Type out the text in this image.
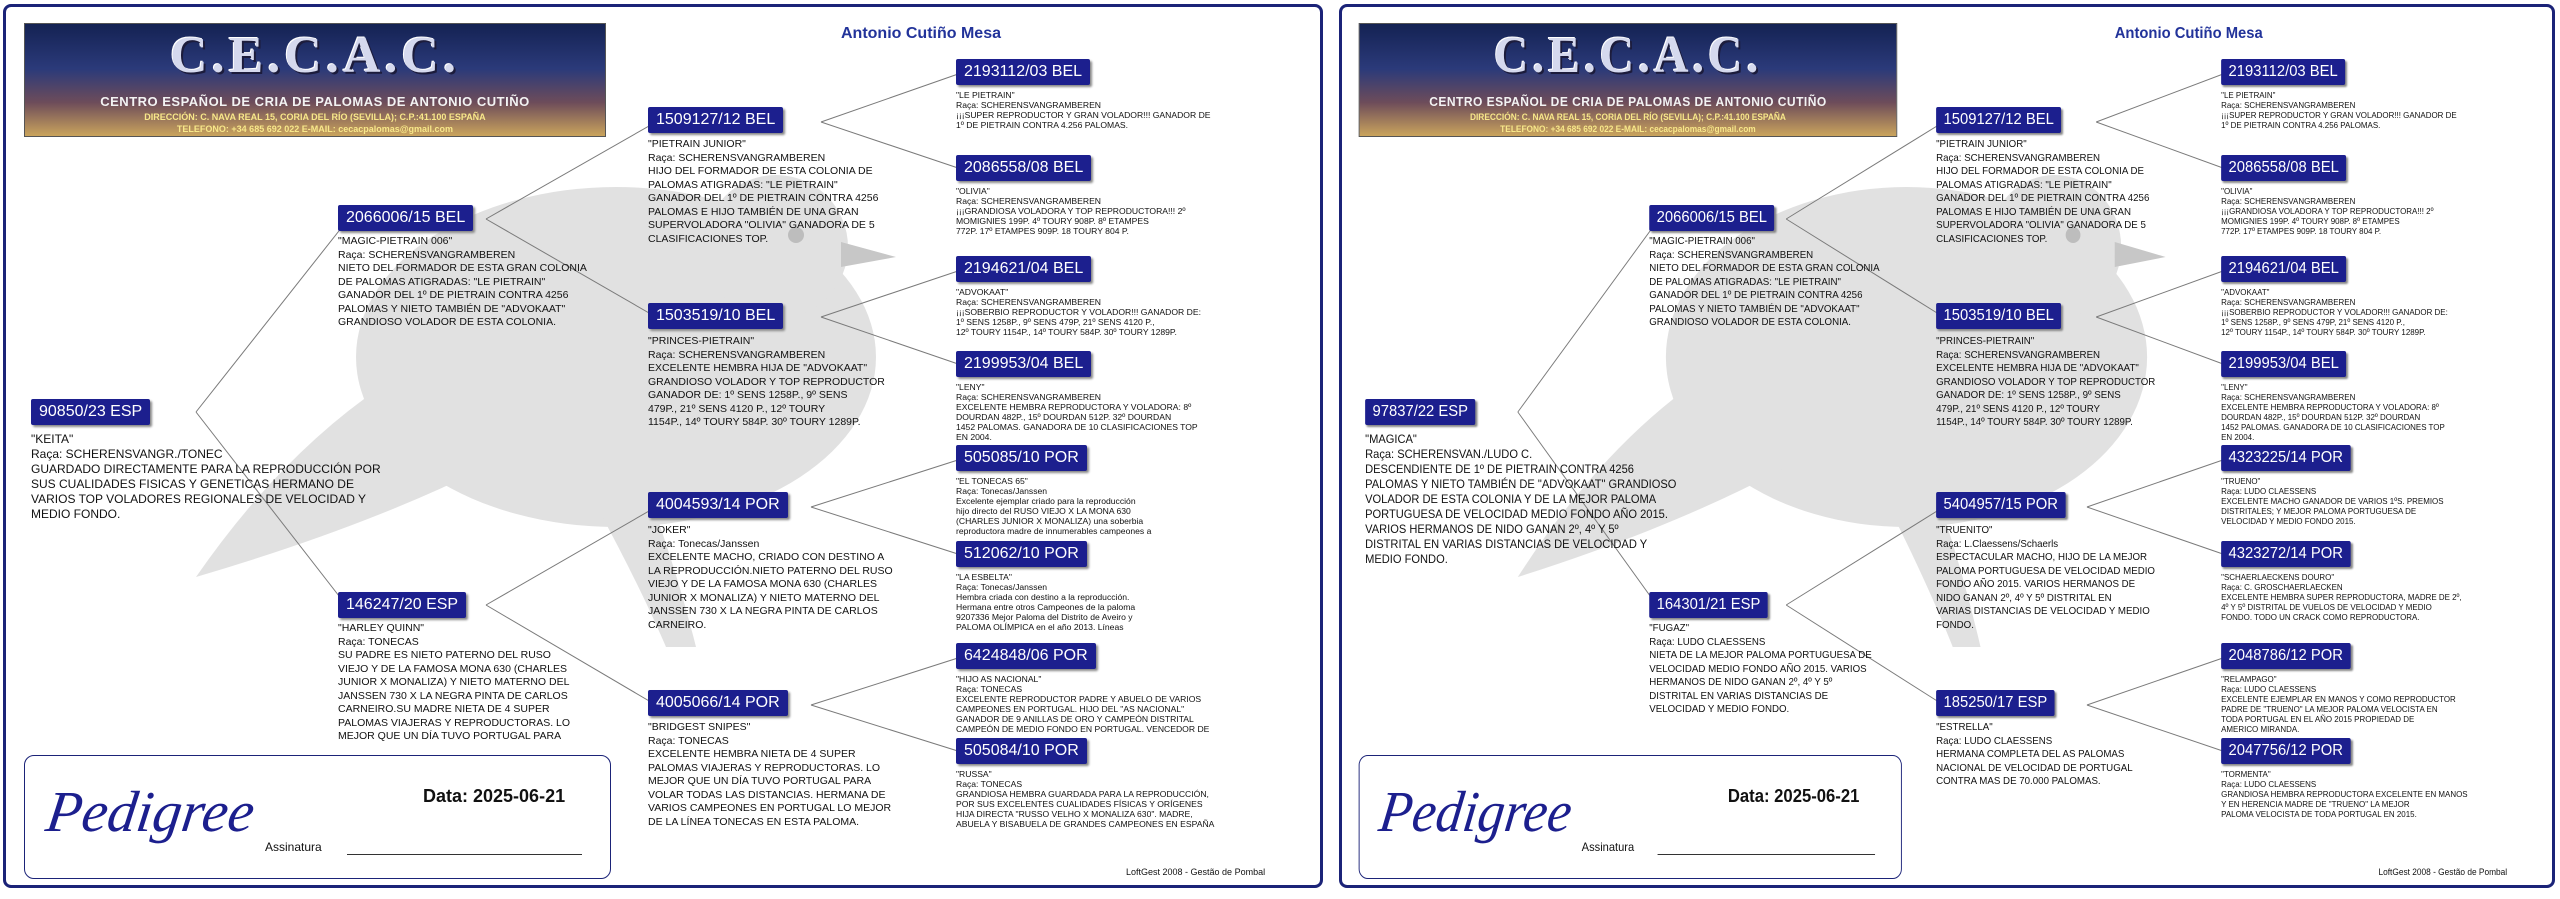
C.E.C.A.C.
CENTRO ESPAÑOL DE CRIA DE PALOMAS DE ANTONIO CUTIÑO
DIRECCIÓN: C. NAVA REAL 15, CORIA DEL RÍO (SEVILLA); C.P.:41.100 ESPAÑA
TELEFONO: +34 685 692 022 E-MAIL: cecacpalomas@gmail.com
Antonio Cutiño Mesa
90850/23 ESP
"KEITA"
Raça: SCHERENSVANGR./TONEC
GUARDADO DIRECTAMENTE PARA LA REPRODUCCIÓN POR
SUS CUALIDADES FISICAS Y GENETICAS HERMANO DE
VARIOS TOP VOLADORES REGIONALES DE VELOCIDAD Y
MEDIO FONDO.
2066006/15 BEL
"MAGIC-PIETRAIN 006"
Raça: SCHERENSVANGRAMBEREN
NIETO DEL FORMADOR DE ESTA GRAN COLONIA
DE PALOMAS ATIGRADAS: "LE PIETRAIN"
GANADOR DEL 1º DE PIETRAIN CONTRA 4256
PALOMAS Y NIETO TAMBIÉN DE "ADVOKAAT"
GRANDIOSO VOLADOR DE ESTA COLONIA.
146247/20 ESP
"HARLEY QUINN"
Raça: TONECAS
SU PADRE ES NIETO PATERNO DEL RUSO
VIEJO Y DE LA FAMOSA MONA 630 (CHARLES
JUNIOR X MONALIZA) Y NIETO MATERNO DEL
JANSSEN 730 X LA NEGRA PINTA DE CARLOS
CARNEIRO.SU MADRE NIETA DE 4 SUPER
PALOMAS VIAJERAS Y REPRODUCTORAS. LO
MEJOR QUE UN DÍA TUVO PORTUGAL PARA
1509127/12 BEL
"PIETRAIN JUNIOR"
Raça: SCHERENSVANGRAMBEREN
HIJO DEL FORMADOR DE ESTA COLONIA DE
PALOMAS ATIGRADAS: "LE PIETRAIN"
GANADOR DEL 1º DE PIETRAIN CONTRA 4256
PALOMAS E HIJO TAMBIÉN DE UNA GRAN
SUPERVOLADORA "OLIVIA" GANADORA DE 5
CLASIFICACIONES TOP.
1503519/10 BEL
"PRINCES-PIETRAIN"
Raça: SCHERENSVANGRAMBEREN
EXCELENTE HEMBRA HIJA DE "ADVOKAAT"
GRANDIOSO VOLADOR Y TOP REPRODUCTOR
GANADOR DE: 1º SENS 1258P., 9º SENS
479P., 21º SENS 4120 P., 12º TOURY
1154P., 14º TOURY 584P. 30º TOURY 1289P.
4004593/14 POR
"JOKER"
Raça: Tonecas/Janssen
EXCELENTE MACHO, CRIADO CON DESTINO A
LA REPRODUCCIÓN.NIETO PATERNO DEL RUSO
VIEJO Y DE LA FAMOSA MONA 630 (CHARLES
JUNIOR X MONALIZA) Y NIETO MATERNO DEL
JANSSEN 730 X LA NEGRA PINTA DE CARLOS
CARNEIRO.
4005066/14 POR
"BRIDGEST SNIPES"
Raça: TONECAS
EXCELENTE HEMBRA NIETA DE 4 SUPER
PALOMAS VIAJERAS Y REPRODUCTORAS. LO
MEJOR QUE UN DÍA TUVO PORTUGAL PARA
VOLAR TODAS LAS DISTANCIAS. HERMANA DE
VARIOS CAMPEONES EN PORTUGAL LO MEJOR
DE LA LÍNEA TONECAS EN ESTA PALOMA.
2193112/03 BEL
"LE PIETRAIN"
Raça: SCHERENSVANGRAMBEREN
¡¡¡SUPER REPRODUCTOR Y GRAN VOLADOR!!! GANADOR DE
1º DE PIETRAIN CONTRA 4.256 PALOMAS.
2086558/08 BEL
"OLIVIA"
Raça: SCHERENSVANGRAMBEREN
¡¡¡GRANDIOSA VOLADORA Y TOP REPRODUCTORA!!! 2º
MOMIGNIES 199P. 4º TOURY 908P. 8º ETAMPES
772P. 17º ETAMPES 909P. 18 TOURY 804 P.
2194621/04 BEL
"ADVOKAAT"
Raça: SCHERENSVANGRAMBEREN
¡¡¡SOBERBIO REPRODUCTOR Y VOLADOR!!! GANADOR DE:
1º SENS 1258P., 9º SENS 479P, 21º SENS 4120 P.,
12º TOURY 1154P., 14º TOURY 584P. 30º TOURY 1289P.
2199953/04 BEL
"LENY"
Raça: SCHERENSVANGRAMBEREN
EXCELENTE HEMBRA REPRODUCTORA Y VOLADORA: 8º
DOURDAN 482P., 15º DOURDAN 512P. 32º DOURDAN
1452 PALOMAS. GANADORA DE 10 CLASIFICACIONES TOP
EN 2004.
505085/10 POR
"EL TONECAS 65"
Raça: Tonecas/Janssen
Excelente ejemplar criado para la reproducción
hijo directo del RUSO VIEJO X LA MONA 630
(CHARLES JUNIOR X MONALIZA) una soberbia
reproductora madre de innumerables campeones a
512062/10 POR
"LA ESBELTA"
Raça: Tonecas/Janssen
Hembra criada con destino a la reproducción.
Hermana entre otros Campeones de la paloma
9207336 Mejor Paloma del Distrito de Aveiro y
PALOMA OLÍMPICA en el año 2013. Líneas
6424848/06 POR
"HIJO AS NACIONAL"
Raça: TONECAS
EXCELENTE REPRODUCTOR PADRE Y ABUELO DE VARIOS
CAMPEONES EN PORTUGAL. HIJO DEL "AS NACIONAL"
GANADOR DE 9 ANILLAS DE ORO Y CAMPEÓN DISTRITAL
CAMPEÓN DE MEDIO FONDO EN PORTUGAL. VENCEDOR DE
505084/10 POR
"RUSSA"
Raça: TONECAS
GRANDIOSA HEMBRA GUARDADA PARA LA REPRODUCCIÓN,
POR SUS EXCELENTES CUALIDADES FÍSICAS Y ORÍGENES
HIJA DIRECTA "RUSSO VELHO X MONALIZA 630". MADRE,
ABUELA Y BISABUELA DE GRANDES CAMPEONES EN ESPAÑA
Pedigree	Data: 2025-06-21
Assinatura
LoftGest 2008 - Gestão de Pombal
C.E.C.A.C.
CENTRO ESPAÑOL DE CRIA DE PALOMAS DE ANTONIO CUTIÑO
DIRECCIÓN: C. NAVA REAL 15, CORIA DEL RÍO (SEVILLA); C.P.:41.100 ESPAÑA
TELEFONO: +34 685 692 022 E-MAIL: cecacpalomas@gmail.com
Antonio Cutiño Mesa
97837/22 ESP
"MAGICA"
Raça: SCHERENSVAN./LUDO C.
DESCENDIENTE DE 1º DE PIETRAIN CONTRA 4256
PALOMAS Y NIETO TAMBIÉN DE "ADVOKAAT" GRANDIOSO
VOLADOR DE ESTA COLONIA Y DE LA MEJOR PALOMA
PORTUGUESA DE VELOCIDAD MEDIO FONDO AÑO 2015.
VARIOS HERMANOS DE NIDO GANAN 2º, 4º Y 5º
DISTRITAL EN VARIAS DISTANCIAS DE VELOCIDAD Y
MEDIO FONDO.
2066006/15 BEL
"MAGIC-PIETRAIN 006"
Raça: SCHERENSVANGRAMBEREN
NIETO DEL FORMADOR DE ESTA GRAN COLONIA
DE PALOMAS ATIGRADAS: "LE PIETRAIN"
GANADOR DEL 1º DE PIETRAIN CONTRA 4256
PALOMAS Y NIETO TAMBIÉN DE "ADVOKAAT"
GRANDIOSO VOLADOR DE ESTA COLONIA.
164301/21 ESP
"FUGAZ"
Raça: LUDO CLAESSENS
NIETA DE LA MEJOR PALOMA PORTUGUESA DE
VELOCIDAD MEDIO FONDO AÑO 2015. VARIOS
HERMANOS DE NIDO GANAN 2º, 4º Y 5º
DISTRITAL EN VARIAS DISTANCIAS DE
VELOCIDAD Y MEDIO FONDO.
1509127/12 BEL
"PIETRAIN JUNIOR"
Raça: SCHERENSVANGRAMBEREN
HIJO DEL FORMADOR DE ESTA COLONIA DE
PALOMAS ATIGRADAS: "LE PIETRAIN"
GANADOR DEL 1º DE PIETRAIN CONTRA 4256
PALOMAS E HIJO TAMBIÉN DE UNA GRAN
SUPERVOLADORA "OLIVIA" GANADORA DE 5
CLASIFICACIONES TOP.
1503519/10 BEL
"PRINCES-PIETRAIN"
Raça: SCHERENSVANGRAMBEREN
EXCELENTE HEMBRA HIJA DE "ADVOKAAT"
GRANDIOSO VOLADOR Y TOP REPRODUCTOR
GANADOR DE: 1º SENS 1258P., 9º SENS
479P., 21º SENS 4120 P., 12º TOURY
1154P., 14º TOURY 584P. 30º TOURY 1289P.
5404957/15 POR
"TRUENITO"
Raça: L.Claessens/Schaerls
ESPECTACULAR MACHO, HIJO DE LA MEJOR
PALOMA PORTUGUESA DE VELOCIDAD MEDIO
FONDO AÑO 2015. VARIOS HERMANOS DE
NIDO GANAN 2º, 4º Y 5º DISTRITAL EN
VARIAS DISTANCIAS DE VELOCIDAD Y MEDIO
FONDO.
185250/17 ESP
"ESTRELLA"
Raça: LUDO CLAESSENS
HERMANA COMPLETA DEL AS PALOMAS
NACIONAL DE VELOCIDAD DE PORTUGAL
CONTRA MAS DE 70.000 PALOMAS.
2193112/03 BEL
"LE PIETRAIN"
Raça: SCHERENSVANGRAMBEREN
¡¡¡SUPER REPRODUCTOR Y GRAN VOLADOR!!! GANADOR DE
1º DE PIETRAIN CONTRA 4.256 PALOMAS.
2086558/08 BEL
"OLIVIA"
Raça: SCHERENSVANGRAMBEREN
¡¡¡GRANDIOSA VOLADORA Y TOP REPRODUCTORA!!! 2º
MOMIGNIES 199P. 4º TOURY 908P. 8º ETAMPES
772P. 17º ETAMPES 909P. 18 TOURY 804 P.
2194621/04 BEL
"ADVOKAAT"
Raça: SCHERENSVANGRAMBEREN
¡¡¡SOBERBIO REPRODUCTOR Y VOLADOR!!! GANADOR DE:
1º SENS 1258P., 9º SENS 479P, 21º SENS 4120 P.,
12º TOURY 1154P., 14º TOURY 584P. 30º TOURY 1289P.
2199953/04 BEL
"LENY"
Raça: SCHERENSVANGRAMBEREN
EXCELENTE HEMBRA REPRODUCTORA Y VOLADORA: 8º
DOURDAN 482P., 15º DOURDAN 512P. 32º DOURDAN
1452 PALOMAS. GANADORA DE 10 CLASIFICACIONES TOP
EN 2004.
4323225/14 POR
"TRUENO"
Raça: LUDO CLAESSENS
EXCELENTE MACHO GANADOR DE VARIOS 1ºS. PREMIOS
DISTRITALES; Y MEJOR PALOMA PORTUGUESA DE
VELOCIDAD Y MEDIO FONDO 2015.
4323272/14 POR
"SCHAERLAECKENS DOURO"
Raça: C. GROSCHAERLAECKEN
EXCELENTE HEMBRA SUPER REPRODUCTORA, MADRE DE 2º,
4º Y 5º DISTRITAL DE VUELOS DE VELOCIDAD Y MEDIO
FONDO. TODO UN CRACK COMO REPRODUCTORA.
2048786/12 POR
"RELAMPAGO"
Raça: LUDO CLAESSENS
EXCELENTE EJEMPLAR EN MANOS Y COMO REPRODUCTOR
PADRE DE "TRUENO" LA MEJOR PALOMA VELOCISTA EN
TODA PORTUGAL EN EL AÑO 2015 PROPIEDAD DE
AMERICO MIRANDA.
2047756/12 POR
"TORMENTA"
Raça: LUDO CLAESSENS
GRANDIOSA HEMBRA REPRODUCTORA EXCELENTE EN MANOS
Y EN HERENCIA MADRE DE "TRUENO" LA MEJOR
PALOMA VELOCISTA DE TODA PORTUGAL EN 2015.
Pedigree	Data: 2025-06-21
Assinatura
LoftGest 2008 - Gestão de Pombal
